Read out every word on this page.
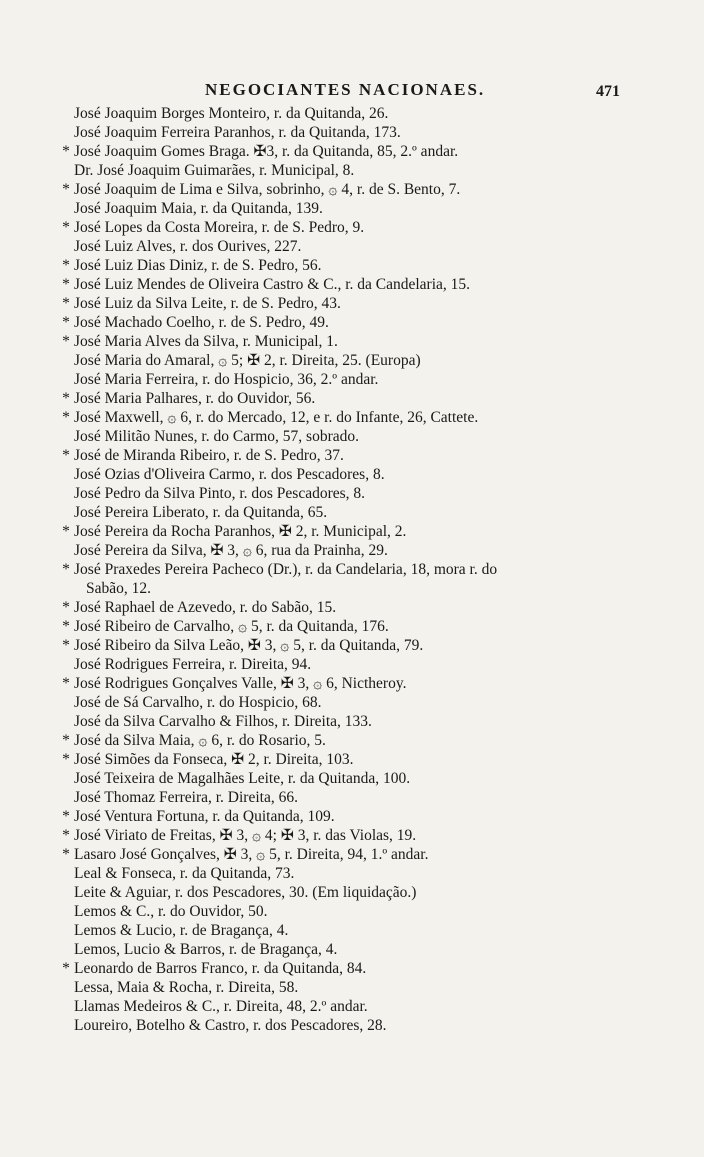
NEGOCIANTES NACIONAES.	471
José Joaquim Borges Monteiro, r. da Quitanda, 26.
José Joaquim Ferreira Paranhos, r. da Quitanda, 173.
* José Joaquim Gomes Braga. ✠3, r. da Quitanda, 85, 2.º andar.
Dr. José Joaquim Guimarães, r. Municipal, 8.
* José Joaquim de Lima e Silva, sobrinho, ۞ 4, r. de S. Bento, 7.
José Joaquim Maia, r. da Quitanda, 139.
* José Lopes da Costa Moreira, r. de S. Pedro, 9.
José Luiz Alves, r. dos Ourives, 227.
* José Luiz Dias Diniz, r. de S. Pedro, 56.
* José Luiz Mendes de Oliveira Castro & C., r. da Candelaria, 15.
* José Luiz da Silva Leite, r. de S. Pedro, 43.
* José Machado Coelho, r. de S. Pedro, 49.
* José Maria Alves da Silva, r. Municipal, 1.
José Maria do Amaral, ۞ 5; ✠ 2, r. Direita, 25. (Europa)
José Maria Ferreira, r. do Hospicio, 36, 2.º andar.
* José Maria Palhares, r. do Ouvidor, 56.
* José Maxwell, ۞ 6, r. do Mercado, 12, e r. do Infante, 26, Cattete.
José Militão Nunes, r. do Carmo, 57, sobrado.
* José de Miranda Ribeiro, r. de S. Pedro, 37.
José Ozias d'Oliveira Carmo, r. dos Pescadores, 8.
José Pedro da Silva Pinto, r. dos Pescadores, 8.
José Pereira Liberato, r. da Quitanda, 65.
* José Pereira da Rocha Paranhos, ✠ 2, r. Municipal, 2.
José Pereira da Silva, ✠ 3, ۞ 6, rua da Prainha, 29.
* José Praxedes Pereira Pacheco (Dr.), r. da Candelaria, 18, mora r. do
Sabão, 12.
* José Raphael de Azevedo, r. do Sabão, 15.
* José Ribeiro de Carvalho, ۞ 5, r. da Quitanda, 176.
* José Ribeiro da Silva Leão, ✠ 3, ۞ 5, r. da Quitanda, 79.
José Rodrigues Ferreira, r. Direita, 94.
* José Rodrigues Gonçalves Valle, ✠ 3, ۞ 6, Nictheroy.
José de Sá Carvalho, r. do Hospicio, 68.
José da Silva Carvalho & Filhos, r. Direita, 133.
* José da Silva Maia, ۞ 6, r. do Rosario, 5.
* José Simões da Fonseca, ✠ 2, r. Direita, 103.
José Teixeira de Magalhães Leite, r. da Quitanda, 100.
José Thomaz Ferreira, r. Direita, 66.
* José Ventura Fortuna, r. da Quitanda, 109.
* José Viriato de Freitas, ✠ 3, ۞ 4; ✠ 3, r. das Violas, 19.
* Lasaro José Gonçalves, ✠ 3, ۞ 5, r. Direita, 94, 1.º andar.
Leal & Fonseca, r. da Quitanda, 73.
Leite & Aguiar, r. dos Pescadores, 30. (Em liquidação.)
Lemos & C., r. do Ouvidor, 50.
Lemos & Lucio, r. de Bragança, 4.
Lemos, Lucio & Barros, r. de Bragança, 4.
* Leonardo de Barros Franco, r. da Quitanda, 84.
Lessa, Maia & Rocha, r. Direita, 58.
Llamas Medeiros & C., r. Direita, 48, 2.º andar.
Loureiro, Botelho & Castro, r. dos Pescadores, 28.
